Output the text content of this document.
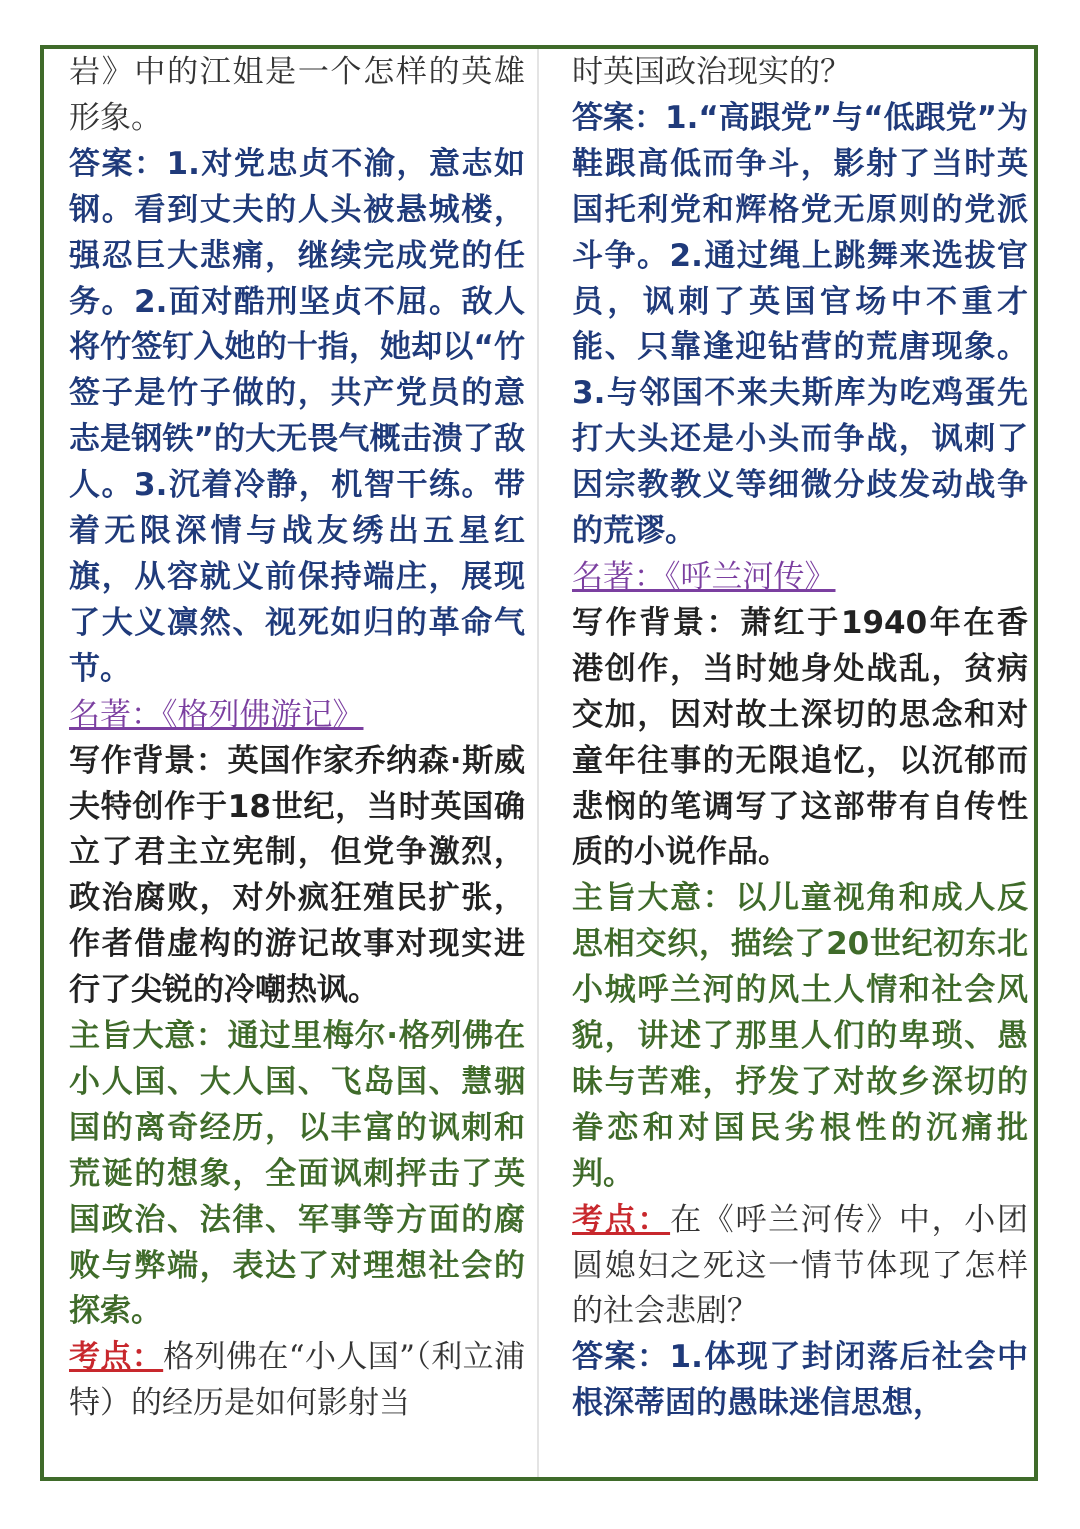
岩》中的江姐是一个怎样的英雄形象。

答案：1.对党忠贞不渝，意志如钢。看到丈夫的人头被悬城楼，强忍巨大悲痛，继续完成党的任务。2.面对酷刑坚贞不屈。敌人将竹签钉入她的十指，她却以“竹签子是竹子做的，共产党员的意志是钢铁”的大无畏气概击溃了敌人。3.沉着冷静，机智干练。带着无限深情与战友绣出五星红旗，从容就义前保持端庄，展现了大义凛然、视死如归的革命气节。

名著：《格列佛游记》

写作背景：英国作家乔纳森·斯威夫特创作于18世纪，当时英国确立了君主立宪制，但党争激烈，政治腐败，对外疯狂殖民扩张，作者借虚构的游记故事对现实进行了尖锐的冷嘲热讽。

主旨大意：通过里梅尔·格列佛在小人国、大人国、飞岛国、慧骃国的离奇经历，以丰富的讽刺和荒诞的想象，全面讽刺抨击了英国政治、法律、军事等方面的腐败与弊端，表达了对理想社会的探索。

考点：格列佛在“小人国”（利立浦特）的经历是如何影射当

时英国政治现实的？

答案：1.“高跟党”与“低跟党”为鞋跟高低而争斗，影射了当时英国托利党和辉格党无原则的党派斗争。2.通过绳上跳舞来选拔官员，讽刺了英国官场中不重才能、只靠逢迎钻营的荒唐现象。3.与邻国不来夫斯库为吃鸡蛋先打大头还是小头而争战，讽刺了因宗教教义等细微分歧发动战争的荒谬。

名著：《呼兰河传》

写作背景：萧红于1940年在香港创作，当时她身处战乱，贫病交加，因对故土深切的思念和对童年往事的无限追忆，以沉郁而悲悯的笔调写了这部带有自传性质的小说作品。

主旨大意：以儿童视角和成人反思相交织，描绘了20世纪初东北小城呼兰河的风土人情和社会风貌，讲述了那里人们的卑琐、愚昧与苦难，抒发了对故乡深切的眷恋和对国民劣根性的沉痛批判。

考点：在《呼兰河传》中，小团圆媳妇之死这一情节体现了怎样的社会悲剧？

答案：1.体现了封闭落后社会中根深蒂固的愚昧迷信思想，
